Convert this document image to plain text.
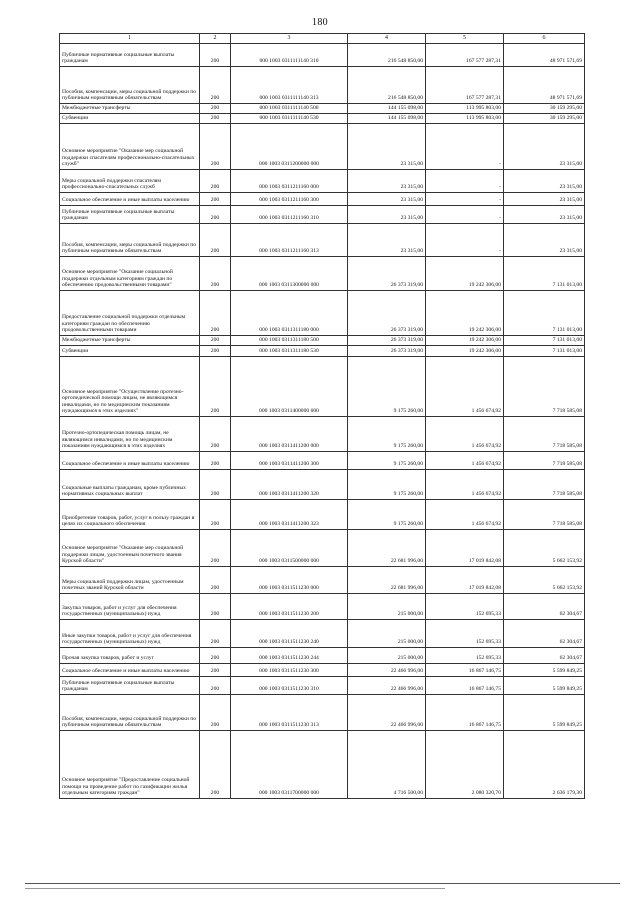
180
1	2	3	4	5	6
Публичные нормативные социальные выплаты гражданам	200	000 1003 0311111140 310	216 548 850,00	167 577 287,31	48 971 571,69
Пособия, компенсации, меры социальной поддержки по публичным нормативным обязательствам	200	000 1003 0311111140 313	216 548 850,00	167 577 287,31	48 971 571,69
Межбюджетные трансферты	200	000 1003 0311111140 500	144 155 098,00	113 995 803,00	30 159 295,00
Субвенции	200	000 1003 0311111140 530	144 155 098,00	113 995 803,00	30 159 295,00
Основное мероприятие "Оказание мер социальной поддержки спасателям профессионально-спасательных служб"	200	000 1003 0311200000 000	23 315,00	-	23 315,00
Меры социальной поддержки спасателям профессионально-спасательных служб	200	000 1003 0311211160 000	23 315,00	-	23 315,00
Социальное обеспечение и иные выплаты населению	200	000 1003 0311211160 300	23 315,00	-	23 315,00
Публичные нормативные социальные выплаты гражданам	200	000 1003 0311211160 310	23 315,00	-	23 315,00
Пособия, компенсации, меры социальной поддержки по публичным нормативным обязательствам	200	000 1003 0311211160 313	23 315,00	-	23 315,00
Основное мероприятие "Оказание социальной поддержки отдельным категориям граждан по обеспечению продовольственными товарами"	200	000 1003 0311300000 000	26 373 319,00	19 242 306,00	7 131 013,00
Предоставление социальной поддержки отдельным категориям граждан по обеспечению продовольственными товарами	200	000 1003 0311311180 000	26 373 319,00	19 242 306,00	7 131 013,00
Межбюджетные трансферты	200	000 1003 0311311180 500	26 373 319,00	19 242 306,00	7 131 013,00
Субвенции	200	000 1003 0311311180 530	26 373 319,00	19 242 306,00	7 131 013,00
Основное мероприятие "Осуществление протезно-ортопедической помощи лицам, не являющимся инвалидами, но по медицинским показаниям нуждающимся в этих изделиях"	200	000 1003 0311400000 000	9 175 260,00	1 456 674,92	7 718 585,08
Протезно-ортопедическая помощь лицам, не являющимся инвалидами, но по медицинским показаниям нуждающимся в этих изделиях	200	000 1003 0311411200 000	9 175 260,00	1 456 674,92	7 718 585,08
Социальное обеспечение и иные выплаты населению	200	000 1003 0311411200 300	9 175 260,00	1 456 674,92	7 718 585,08
Социальные выплаты гражданам, кроме публичных нормативных социальных выплат	200	000 1003 0311411200 320	9 175 260,00	1 456 674,92	7 718 585,08
Приобретение товаров, работ, услуг в пользу граждан в целях их социального обеспечения	200	000 1003 0311411200 323	9 175 260,00	1 456 674,92	7 718 585,08
Основное мероприятие "Оказание мер социальной поддержки лицам, удостоенным почетного звания Курской области"	200	000 1003 0311500000 000	22 681 996,00	17 019 842,08	5 662 153,92
Меры социальной поддержки лицам, удостоенным почетных званий Курской области	200	000 1003 0311511230 000	22 681 996,00	17 019 842,08	5 662 153,92
Закупка товаров, работ и услуг для обеспечения государственных (муниципальных) нужд	200	000 1003 0311511230 200	215 000,00	152 695,33	62 304,67
Иные закупки товаров, работ и услуг для обеспечения государственных (муниципальных) нужд	200	000 1003 0311511230 240	215 000,00	152 695,33	62 304,67
Прочая закупка товаров, работ и услуг	200	000 1003 0311511230 244	215 000,00	152 695,33	62 304,67
Социальное обеспечение и иные выплаты населению	200	000 1003 0311511230 300	22 466 996,00	16 867 146,75	5 599 849,25
Публичные нормативные социальные выплаты гражданам	200	000 1003 0311511230 310	22 466 996,00	16 867 146,75	5 599 849,25
Пособия, компенсации, меры социальной поддержки по публичным нормативным обязательствам	200	000 1003 0311511230 313	22 466 996,00	16 867 146,75	5 599 849,25
Основное мероприятие "Предоставление социальной помощи на проведение работ по газификации жилья отдельным категориям граждан"	200	000 1003 0311700000 000	4 716 500,00	2 080 320,70	2 636 179,30
